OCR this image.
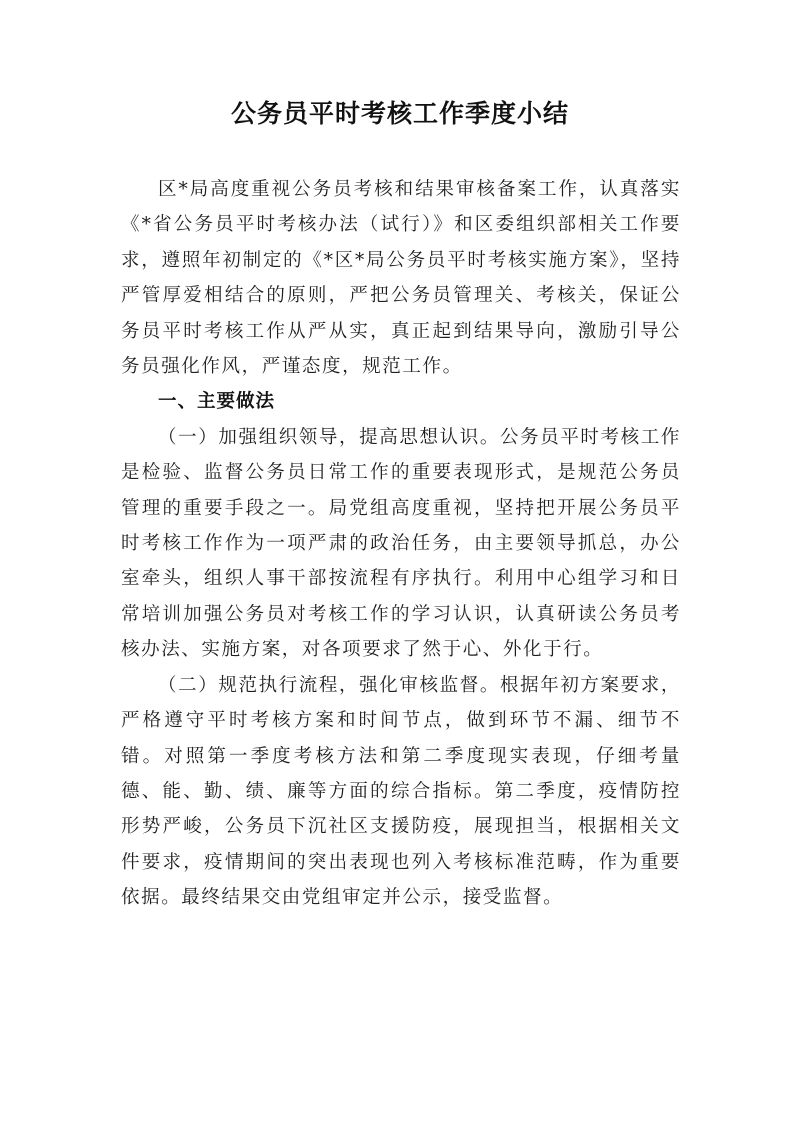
公务员平时考核工作季度小结

区*局高度重视公务员考核和结果审核备案工作，认真落实《*省公务员平时考核办法（试行）》和区委组织部相关工作要求，遵照年初制定的《*区*局公务员平时考核实施方案》，坚持严管厚爱相结合的原则，严把公务员管理关、考核关，保证公务员平时考核工作从严从实，真正起到结果导向，激励引导公务员强化作风，严谨态度，规范工作。

一、主要做法

（一）加强组织领导，提高思想认识。公务员平时考核工作是检验、监督公务员日常工作的重要表现形式，是规范公务员管理的重要手段之一。局党组高度重视，坚持把开展公务员平时考核工作作为一项严肃的政治任务，由主要领导抓总，办公室牵头，组织人事干部按流程有序执行。利用中心组学习和日常培训加强公务员对考核工作的学习认识，认真研读公务员考核办法、实施方案，对各项要求了然于心、外化于行。

（二）规范执行流程，强化审核监督。根据年初方案要求，严格遵守平时考核方案和时间节点，做到环节不漏、细节不错。对照第一季度考核方法和第二季度现实表现，仔细考量德、能、勤、绩、廉等方面的综合指标。第二季度，疫情防控形势严峻，公务员下沉社区支援防疫，展现担当，根据相关文件要求，疫情期间的突出表现也列入考核标准范畴，作为重要依据。最终结果交由党组审定并公示，接受监督。
